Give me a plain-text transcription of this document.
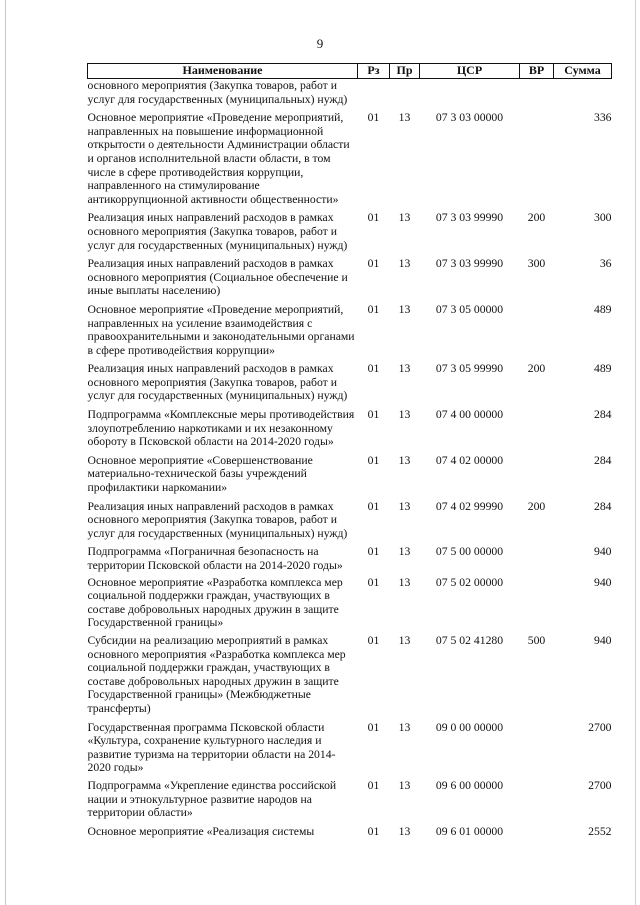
9
Наименование	Рз	Пр	ЦСР	ВР	Сумма
основного мероприятия (Закупка товаров, работ и услуг для государственных (муниципальных) нужд)					
Основное мероприятие «Проведение мероприятий, направленных на повышение информационной открытости о деятельности Администрации области и органов исполнительной власти области, в том числе в сфере противодействия коррупции, направленного на стимулирование антикоррупционной активности общественности»	01	13	07 3 03 00000		336
Реализация иных направлений расходов в рамках основного мероприятия (Закупка товаров, работ и услуг для государственных (муниципальных) нужд)	01	13	07 3 03 99990	200	300
Реализация иных направлений расходов в рамках основного мероприятия (Социальное обеспечение и иные выплаты населению)	01	13	07 3 03 99990	300	36
Основное мероприятие «Проведение мероприятий, направленных на усиление взаимодействия с правоохранительными и законодательными органами в сфере противодействия коррупции»	01	13	07 3 05 00000		489
Реализация иных направлений расходов в рамках основного мероприятия (Закупка товаров, работ и услуг для государственных (муниципальных) нужд)	01	13	07 3 05 99990	200	489
Подпрограмма «Комплексные меры противодействия злоупотреблению наркотиками и их незаконному обороту в Псковской области на 2014-2020 годы»	01	13	07 4 00 00000		284
Основное мероприятие «Совершенствование материально-технической базы учреждений профилактики наркомании»	01	13	07 4 02 00000		284
Реализация иных направлений расходов в рамках основного мероприятия (Закупка товаров, работ и услуг для государственных (муниципальных) нужд)	01	13	07 4 02 99990	200	284
Подпрограмма «Пограничная безопасность на территории Псковской области на 2014-2020 годы»	01	13	07 5 00 00000		940
Основное мероприятие «Разработка комплекса мер социальной поддержки граждан, участвующих в составе добровольных народных дружин в защите Государственной границы»	01	13	07 5 02 00000		940
Субсидии на реализацию мероприятий в рамках основного мероприятия «Разработка комплекса мер социальной поддержки граждан, участвующих в составе добровольных народных дружин в защите Государственной границы» (Межбюджетные трансферты)	01	13	07 5 02 41280	500	940
Государственная программа Псковской области «Культура, сохранение культурного наследия и развитие туризма на территории области на 2014-2020 годы»	01	13	09 0 00 00000		2700
Подпрограмма «Укрепление единства российской нации и этнокультурное развитие народов на территории области»	01	13	09 6 00 00000		2700
Основное мероприятие «Реализация системы	01	13	09 6 01 00000		2552
